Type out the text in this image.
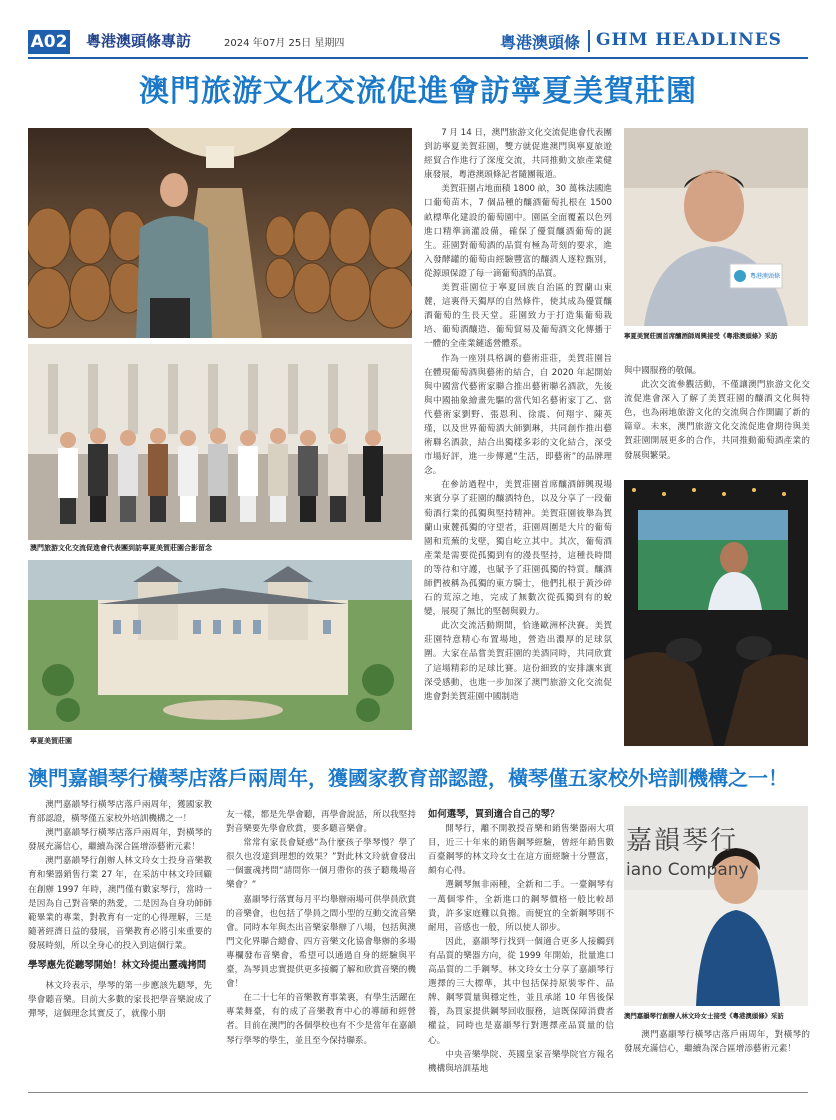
A02 粵港澳頭條專訪	2024 年07月 25日 星期四	粵港澳頭條 GHM HEADLINES
澳門旅游文化交流促進會訪寧夏美賀莊園
澳門旅游文化交流促進會代表團到訪寧夏美賀莊園合影留念
寧夏美賀莊園

7 月 14 日，澳門旅游文化交流促進會代表團到訪寧夏美賀莊園，雙方就促進澳門與寧夏旅遊經貿合作進行了深度交流，共同推動文旅產業健康發展，粵港澳頭條記者隨團報道。

美賀莊園占地面積 1800 畝，30 萬株法國進口葡萄苗木，7 個品種的釀酒葡萄扎根在 1500 畝標準化建設的葡萄園中。園區全面覆蓋以色列進口精準滴灌設備，確保了優質釀酒葡萄的誕生。莊園對葡萄酒的品質有極為苛刻的要求，進入發酵罐的葡萄由經驗豐富的釀酒人逐粒甄別，從源頭保證了每一滴葡萄酒的品質。

美賀莊園位于寧夏回族自治區的賀蘭山東麓，這裏得天獨厚的自然條件，使其成為優質釀酒葡萄的生長天堂。莊園致力于打造集葡萄栽培、葡萄酒釀造、葡萄貿易及葡萄酒文化傳播于一體的全產業鏈遙營體系。

作為一座別具格調的藝術莊莊，美賀莊園旨在體現葡萄酒與藝術的結合，自 2020 年起開始與中國當代藝術家聯合推出藝術聯名酒款，先後與中國抽象繪畫先驅的當代知名藝術家丁乙、當代藝術家劉野、張恩利、徐震、何翔宇、陳英瑾，以及世界葡萄酒大師劉琳，共同創作推出藝術聯名酒款，結合出獨樣多彩的文化結合，深受市場好評，進一步傳遞“生活，即藝術”的品牌理念。

在參訪過程中，美賀莊園首席釀酒師興現場來賓分享了莊園的釀酒特色，以及分享了一段葡萄酒行業的孤獨與堅持精神。美賀莊園彼舉為賀蘭山東麓孤獨的守望者，莊園周圍是大片的葡萄園和荒蕪的戈壁，獨自屹立其中。其次，葡萄酒產業是需要從孤獨到有的漫長堅持，這種長時間的等待和守護，也賦予了莊園孤獨的特質。釀酒師們被稱為孤獨的東方騎士，他們扎根于黃沙碎石的荒涼之地，完成了無數次從孤獨到有的蛻變，展現了無比的堅韌與毅力。

此次交流活動期間，恰逢歐洲杯決賽。美賀莊園特意精心布置場地，營造出濃厚的足球氛圍。大家在品嘗美賀莊園的美酒同時，共同欣賞了這場精彩的足球比賽。這份細致的安排讓來賓深受感動，也進一步加深了澳門旅游文化交流促進會對美賀莊園中國制造

粵港澳頭條
寧夏美賀莊園首席釀酒師周興接受《粵港澳頭條》采訪

與中國服務的敬佩。

此次交流參觀活動，不僅讓澳門旅游文化交流促進會深入了解了美賀莊園的釀酒文化與特色，也為兩地旅游文化的交流與合作開闢了新的篇章。未來，澳門旅游文化交流促進會期待與美賀莊園開展更多的合作，共同推動葡萄酒產業的發展與繁榮。

澳門嘉韻琴行橫琴店落戶兩周年，獲國家教育部認證，橫琴僅五家校外培訓機構之一！

澳門嘉韻琴行橫琴店落戶兩周年，獲國家教育部認證，橫琴僅五家校外培訓機構之一！

澳門嘉韻琴行橫琴店落戶兩周年，對橫琴的發展充滿信心，繼續為深合區增添藝術元素！

澳門嘉韻琴行創辦人林文玲女士投身音樂教育和樂器銷售行業 27 年，在采訪中林文玲回顧在創辦 1997 年時，澳門僅有數家琴行，當時一是因為自己對音樂的熱愛，二是因為自身功師師範畢業的專業，對教育有一定的心得理解，三是隨著經濟日益的發展，音樂教育必將引來重要的發展時刻，所以全身心的投入到這個行業。

學琴應先從聽琴開始！林文玲提出靈魂拷問

林文玲表示，學琴的第一步應該先聽琴，先學會聽音樂。目前大多數的家長把學音樂說成了彈琴，這個理念其實反了，就像小朋

友一樣，都是先學會聽，再學會說話，所以我堅持對音樂要先學會欣賞，要多聽音樂會。

常常有家長會疑惑“為什麼孩子學琴慢？學了很久也沒達到理想的效果？”對此林文玲就會發出一個靈魂拷問“請問你一個月帶你的孩子聽幾場音樂會？”

嘉韻琴行落實每月平均舉辦兩場可供學員欣賞的音樂會，也包括了學員之間小型的互動交流音樂會。同時本年與杰出音樂家舉辦了八場，包括與澳門文化界聯合總會、四方音樂文化協會舉辦的多場專欄發布音樂會，希望可以通過自身的經驗與平臺，為琴員忠實提供更多接觸了解和欣賞音樂的機會！

在二十七年的音樂教育事業裏，有學生活躍在專業舞臺，有的成了音樂教育中心的導師和經營者。目前在澳門的各個學校也有不少是當年在嘉韻琴行學琴的學生，並且至今保持聯系。

如何選琴，買到適合自己的琴？

開琴行，離不開教授音樂和銷售樂器兩大項目，近三十年來的銷售鋼琴經驗，曾經年銷售數百臺鋼琴的林文玲女士在這方面經驗十分豐富，頗有心得。

選鋼琴無非兩種，全新和二手。一臺鋼琴有一萬個零件，全新進口的鋼琴價格一般比較昂貴，許多家庭難以負擔。而便宜的全新鋼琴則不耐用，音感也一般，所以使人卻步。

因此，嘉韻琴行找到一個適合更多人接觸到有品質的樂器方向，從 1999 年開始，批量進口高品質的二手鋼琴。林文玲女士分享了嘉韻琴行選擇的三大標準，其中包括保持原裝零件、品牌、鋼琴質量與穩定性，並且承諾 10 年售後保養，為買家提供鋼琴回收服務，這既保障消費者權益，同時也是嘉韻琴行對選擇產品質量的信心。

中央音樂學院、英國皇家音樂學院官方報名機構與培訓基地

嘉韻琴行
iano Company
澳門嘉韻琴行創辦人林文玲女士接受《粵港澳頭條》采訪

澳門嘉韻琴行橫琴店落戶兩周年，對橫琴的發展充滿信心，繼續為深合區增添藝術元素！
